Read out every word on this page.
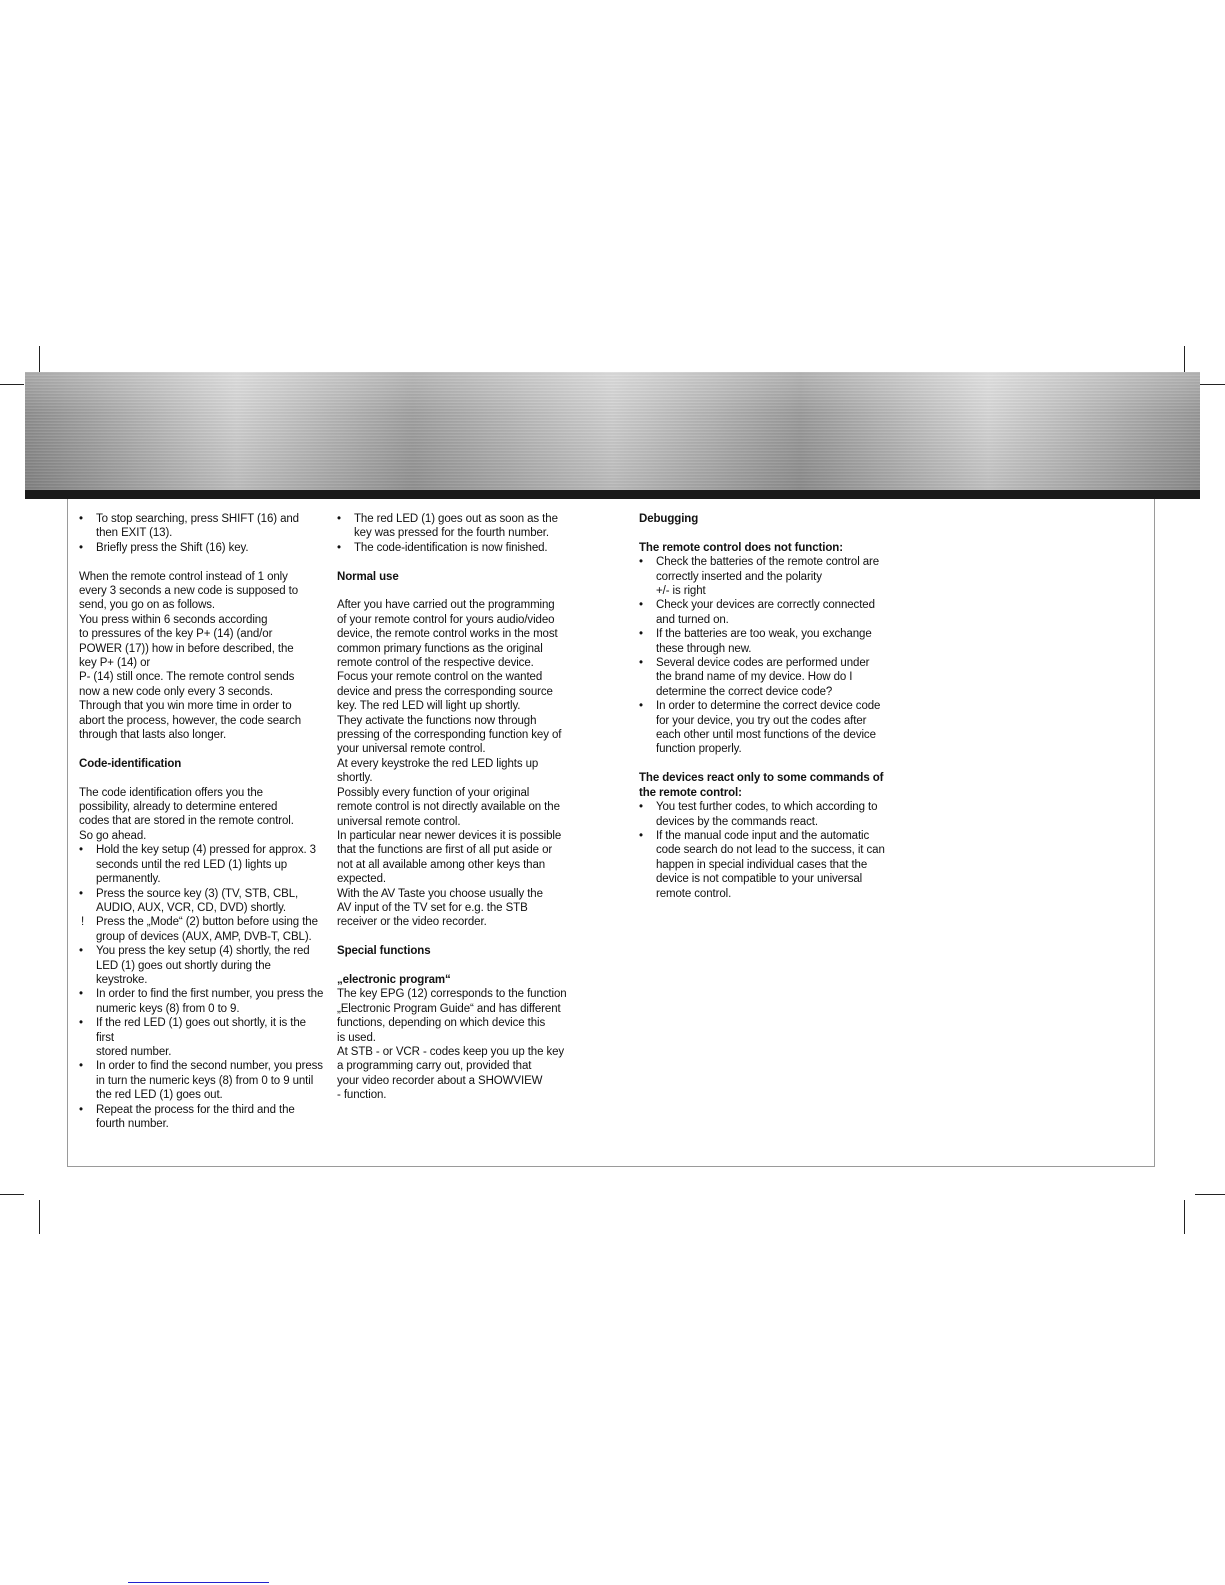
• To stop searching, press SHIFT (16) and then EXIT (13).

• Briefly press the Shift (16) key.

When the remote control instead of 1 only

every 3 seconds a new code is supposed to

send, you go on as follows.

You press within 6 seconds according

to pressures of the key P+ (14) (and/or

POWER (17)) how in before described, the

key P+ (14) or

P- (14) still once. The remote control sends

now a new code only every 3 seconds.

Through that you win more time in order to

abort the process, however, the code search

through that lasts also longer.

Code-identification

The code identification offers you the

possibility, already to determine entered

codes that are stored in the remote control.

So go ahead.

• Hold the key setup (4) pressed for approx. 3 seconds until the red LED (1) lights up permanently.

• Press the source key (3) (TV, STB, CBL, AUDIO, AUX, VCR, CD, DVD) shortly.

! Press the „Mode“ (2) button before using the group of devices (AUX, AMP, DVB-T, CBL).

• You press the key setup (4) shortly, the red LED (1) goes out shortly during the keystroke.

• In order to find the first number, you press the numeric keys (8) from 0 to 9.

• If the red LED (1) goes out shortly, it is the first
stored number.

• In order to find the second number, you press in turn the numeric keys (8) from 0 to 9 until the red LED (1) goes out.

• Repeat the process for the third and the fourth number.

• The red LED (1) goes out as soon as the
key was pressed for the fourth number.

• The code-identification is now finished.

Normal use

After you have carried out the programming

of your remote control for yours audio/video

device, the remote control works in the most

common primary functions as the original

remote control of the respective device.

Focus your remote control on the wanted

device and press the corresponding source

key. The red LED will light up shortly.

They activate the functions now through

pressing of the corresponding function key of

your universal remote control.

At every keystroke the red LED lights up

shortly.

Possibly every function of your original

remote control is not directly available on the

universal remote control.

In particular near newer devices it is possible

that the functions are first of all put aside or

not at all available among other keys than

expected.

With the AV Taste you choose usually the

AV input of the TV set for e.g. the STB

receiver or the video recorder.

Special functions
„electronic program“

The key EPG (12) corresponds to the function

„Electronic Program Guide“ and has different

functions, depending on which device this

is used.

At STB - or VCR - codes keep you up the key

a programming carry out, provided that

your video recorder about a SHOWVIEW

- function.

Debugging
The remote control does not function:

• Check the batteries of the remote control are correctly inserted and the polarity
+/- is right

• Check your devices are correctly connected and turned on.

• If the batteries are too weak, you exchange these through new.

• Several device codes are performed under the brand name of my device. How do I determine the correct device code?

• In order to determine the correct device code for your device, you try out the codes after each other until most functions of the device function properly.

The devices react only to some commands of the remote control:

• You test further codes, to which according to devices by the commands react.

• If the manual code input and the automatic code search do not lead to the success, it can happen in special individual cases that the device is not compatible to your universal remote control.
